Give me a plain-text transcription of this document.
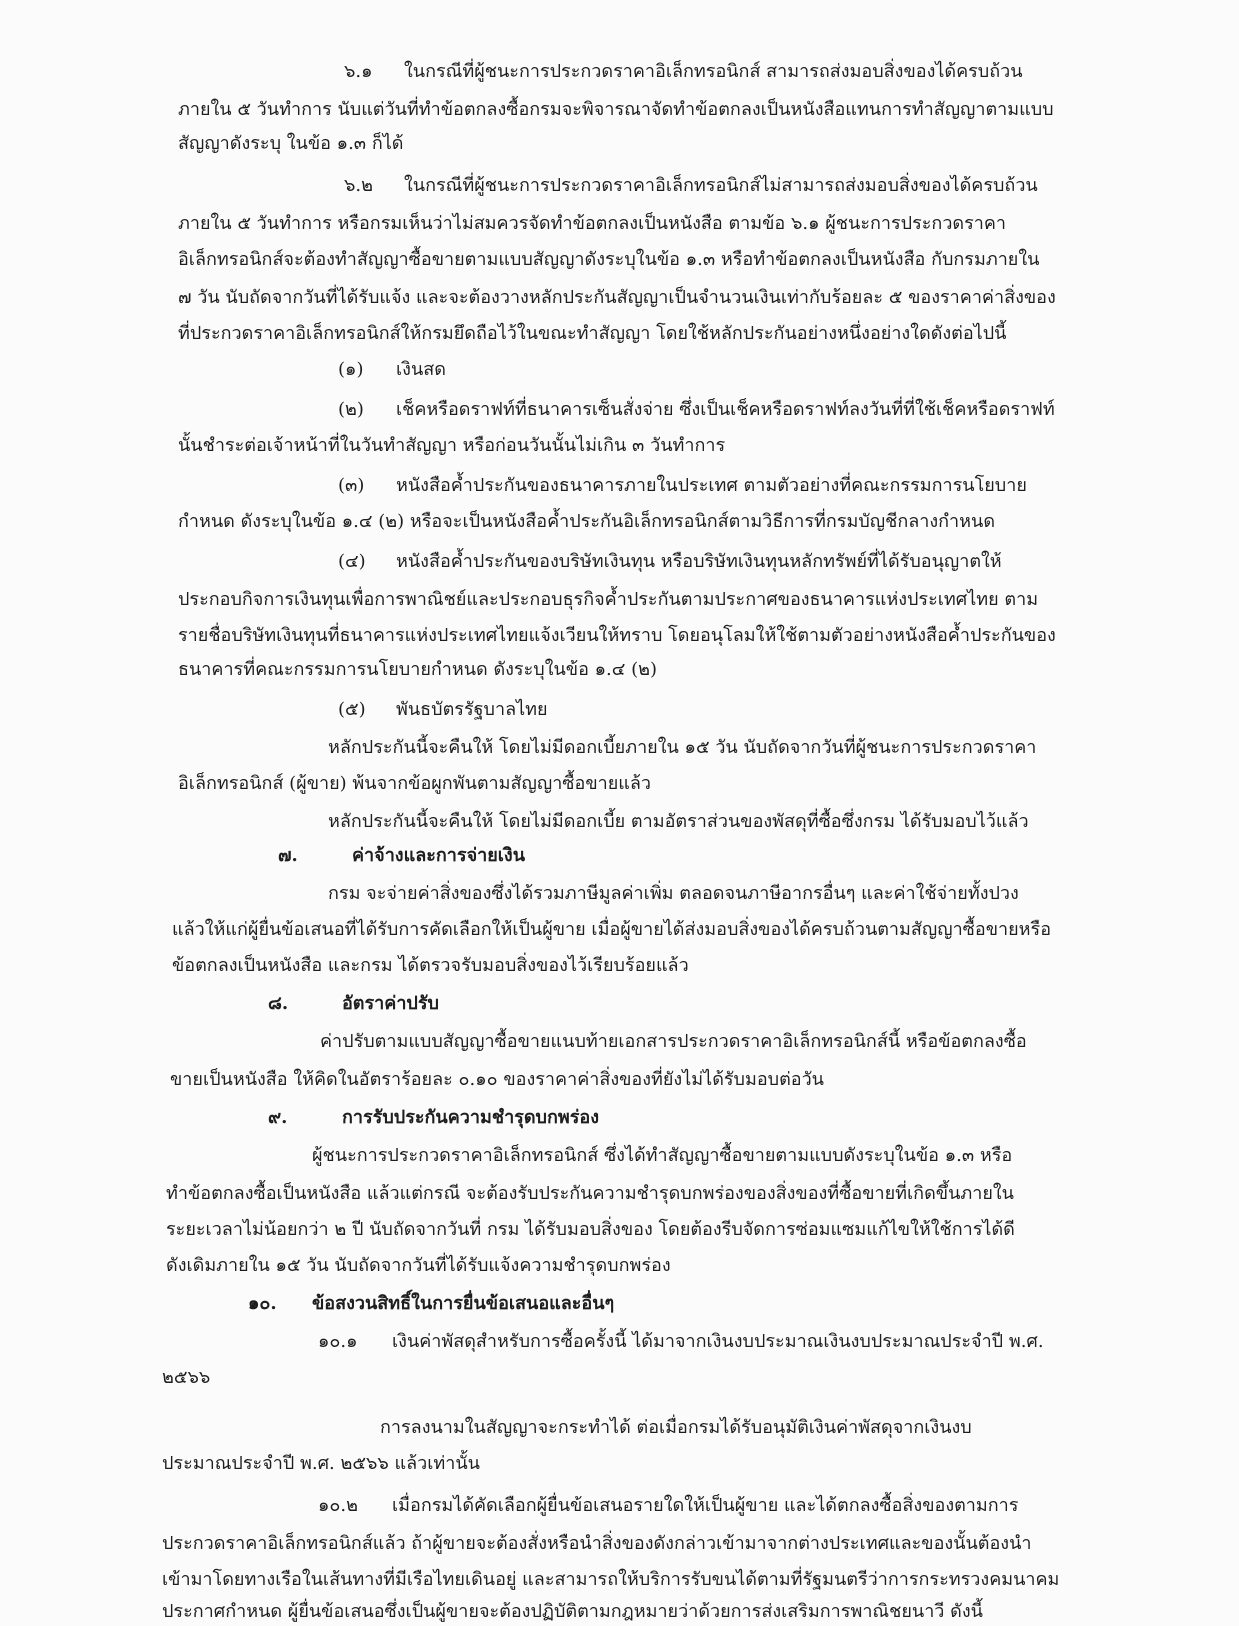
๖.๑ ในกรณีที่ผู้ชนะการประกวดราคาอิเล็กทรอนิกส์ สามารถส่งมอบสิ่งของได้ครบถ้วน
ภายใน ๕ วันทำการ นับแต่วันที่ทำข้อตกลงซื้อกรมจะพิจารณาจัดทำข้อตกลงเป็นหนังสือแทนการทำสัญญาตามแบบ
สัญญาดังระบุ ในข้อ ๑.๓ ก็ได้
๖.๒ ในกรณีที่ผู้ชนะการประกวดราคาอิเล็กทรอนิกส์ไม่สามารถส่งมอบสิ่งของได้ครบถ้วน
ภายใน ๕ วันทำการ หรือกรมเห็นว่าไม่สมควรจัดทำข้อตกลงเป็นหนังสือ ตามข้อ ๖.๑ ผู้ชนะการประกวดราคา
อิเล็กทรอนิกส์จะต้องทำสัญญาซื้อขายตามแบบสัญญาดังระบุในข้อ ๑.๓ หรือทำข้อตกลงเป็นหนังสือ กับกรมภายใน
๗ วัน นับถัดจากวันที่ได้รับแจ้ง และจะต้องวางหลักประกันสัญญาเป็นจำนวนเงินเท่ากับร้อยละ ๕ ของราคาค่าสิ่งของ
ที่ประกวดราคาอิเล็กทรอนิกส์ให้กรมยึดถือไว้ในขณะทำสัญญา โดยใช้หลักประกันอย่างหนึ่งอย่างใดดังต่อไปนี้
(๑) เงินสด
(๒) เช็คหรือดราฟท์ที่ธนาคารเซ็นสั่งจ่าย ซึ่งเป็นเช็คหรือดราฟท์ลงวันที่ที่ใช้เช็คหรือดราฟท์
นั้นชำระต่อเจ้าหน้าที่ในวันทำสัญญา หรือก่อนวันนั้นไม่เกิน ๓ วันทำการ
(๓) หนังสือค้ำประกันของธนาคารภายในประเทศ ตามตัวอย่างที่คณะกรรมการนโยบาย
กำหนด ดังระบุในข้อ ๑.๔ (๒) หรือจะเป็นหนังสือค้ำประกันอิเล็กทรอนิกส์ตามวิธีการที่กรมบัญชีกลางกำหนด
(๔) หนังสือค้ำประกันของบริษัทเงินทุน หรือบริษัทเงินทุนหลักทรัพย์ที่ได้รับอนุญาตให้
ประกอบกิจการเงินทุนเพื่อการพาณิชย์และประกอบธุรกิจค้ำประกันตามประกาศของธนาคารแห่งประเทศไทย ตาม
รายชื่อบริษัทเงินทุนที่ธนาคารแห่งประเทศไทยแจ้งเวียนให้ทราบ โดยอนุโลมให้ใช้ตามตัวอย่างหนังสือค้ำประกันของ
ธนาคารที่คณะกรรมการนโยบายกำหนด ดังระบุในข้อ ๑.๔ (๒)
(๕) พันธบัตรรัฐบาลไทย
หลักประกันนี้จะคืนให้ โดยไม่มีดอกเบี้ยภายใน ๑๕ วัน นับถัดจากวันที่ผู้ชนะการประกวดราคา
อิเล็กทรอนิกส์ (ผู้ขาย) พ้นจากข้อผูกพันตามสัญญาซื้อขายแล้ว
หลักประกันนี้จะคืนให้ โดยไม่มีดอกเบี้ย ตามอัตราส่วนของพัสดุที่ซื้อซึ่งกรม ได้รับมอบไว้แล้ว
๗.	ค่าจ้างและการจ่ายเงิน
กรม จะจ่ายค่าสิ่งของซึ่งได้รวมภาษีมูลค่าเพิ่ม ตลอดจนภาษีอากรอื่นๆ และค่าใช้จ่ายทั้งปวง
แล้วให้แก่ผู้ยื่นข้อเสนอที่ได้รับการคัดเลือกให้เป็นผู้ขาย เมื่อผู้ขายได้ส่งมอบสิ่งของได้ครบถ้วนตามสัญญาซื้อขายหรือ
ข้อตกลงเป็นหนังสือ และกรม ได้ตรวจรับมอบสิ่งของไว้เรียบร้อยแล้ว
๘.	อัตราค่าปรับ
ค่าปรับตามแบบสัญญาซื้อขายแนบท้ายเอกสารประกวดราคาอิเล็กทรอนิกส์นี้ หรือข้อตกลงซื้อ
ขายเป็นหนังสือ ให้คิดในอัตราร้อยละ ๐.๑๐ ของราคาค่าสิ่งของที่ยังไม่ได้รับมอบต่อวัน
๙.	การรับประกันความชำรุดบกพร่อง
ผู้ชนะการประกวดราคาอิเล็กทรอนิกส์ ซึ่งได้ทำสัญญาซื้อขายตามแบบดังระบุในข้อ ๑.๓ หรือ
ทำข้อตกลงซื้อเป็นหนังสือ แล้วแต่กรณี จะต้องรับประกันความชำรุดบกพร่องของสิ่งของที่ซื้อขายที่เกิดขึ้นภายใน
ระยะเวลาไม่น้อยกว่า ๒ ปี นับถัดจากวันที่ กรม ได้รับมอบสิ่งของ โดยต้องรีบจัดการซ่อมแซมแก้ไขให้ใช้การได้ดี
ดังเดิมภายใน ๑๕ วัน นับถัดจากวันที่ได้รับแจ้งความชำรุดบกพร่อง
๑๐. ข้อสงวนสิทธิ์ในการยื่นข้อเสนอและอื่นๆ
๑๐.๑ เงินค่าพัสดุสำหรับการซื้อครั้งนี้ ได้มาจากเงินงบประมาณเงินงบประมาณประจำปี พ.ศ.
๒๕๖๖
การลงนามในสัญญาจะกระทำได้ ต่อเมื่อกรมได้รับอนุมัติเงินค่าพัสดุจากเงินงบ
ประมาณประจำปี พ.ศ. ๒๕๖๖ แล้วเท่านั้น
๑๐.๒ เมื่อกรมได้คัดเลือกผู้ยื่นข้อเสนอรายใดให้เป็นผู้ขาย และได้ตกลงซื้อสิ่งของตามการ
ประกวดราคาอิเล็กทรอนิกส์แล้ว ถ้าผู้ขายจะต้องสั่งหรือนำสิ่งของดังกล่าวเข้ามาจากต่างประเทศและของนั้นต้องนำ
เข้ามาโดยทางเรือในเส้นทางที่มีเรือไทยเดินอยู่ และสามารถให้บริการรับขนได้ตามที่รัฐมนตรีว่าการกระทรวงคมนาคม
ประกาศกำหนด ผู้ยื่นข้อเสนอซึ่งเป็นผู้ขายจะต้องปฏิบัติตามกฎหมายว่าด้วยการส่งเสริมการพาณิชยนาวี ดังนี้
